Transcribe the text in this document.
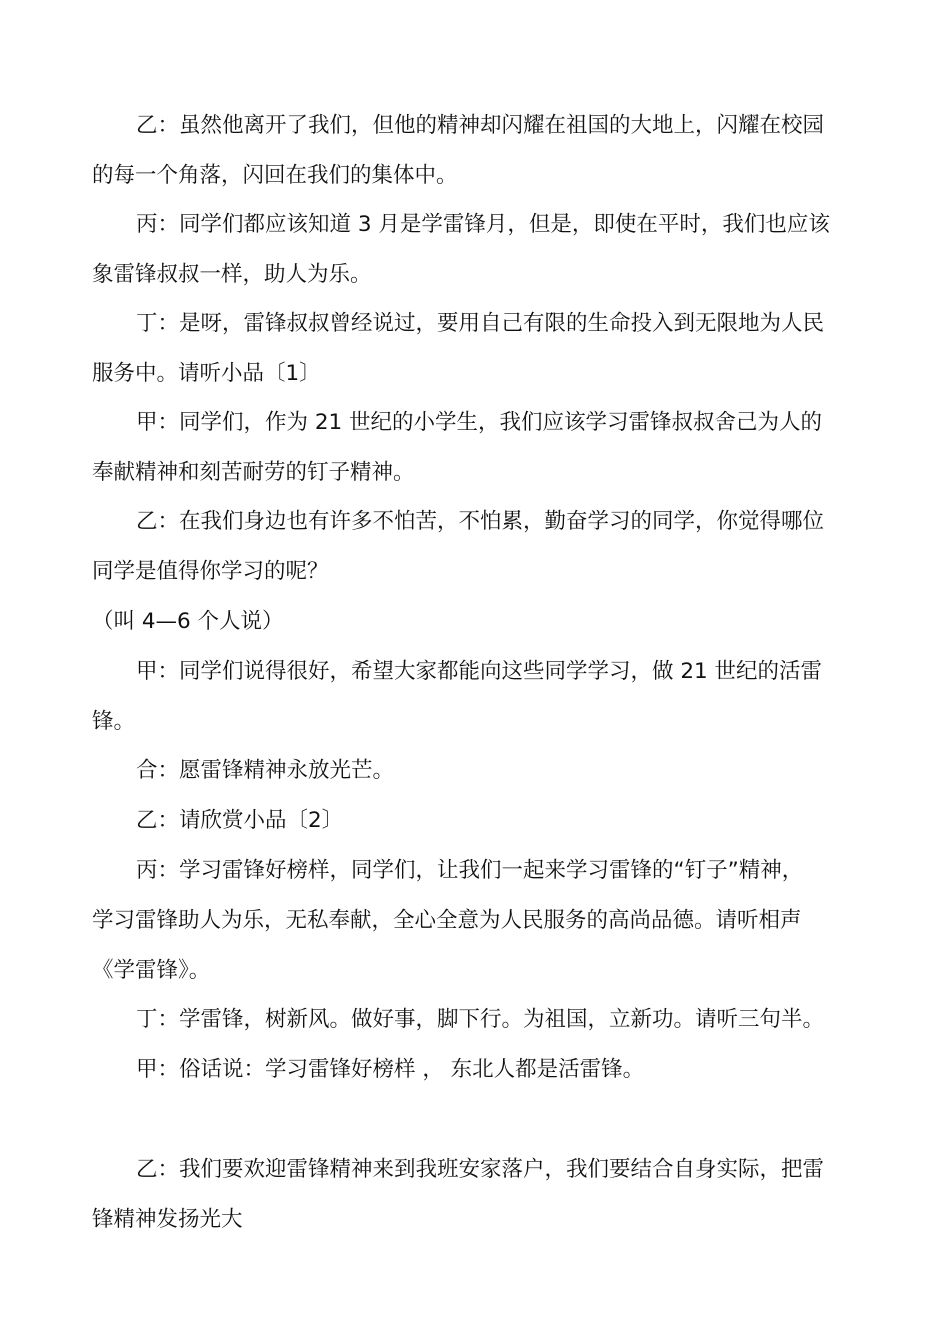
乙：虽然他离开了我们，但他的精神却闪耀在祖国的大地上，闪耀在校园
的每一个角落，闪回在我们的集体中。

丙：同学们都应该知道 3 月是学雷锋月，但是，即使在平时，我们也应该
象雷锋叔叔一样，助人为乐。

丁：是呀，雷锋叔叔曾经说过，要用自己有限的生命投入到无限地为人民
服务中。请听小品〔1〕

甲：同学们，作为 21 世纪的小学生，我们应该学习雷锋叔叔舍己为人的
奉献精神和刻苦耐劳的钉子精神。

乙：在我们身边也有许多不怕苦，不怕累，勤奋学习的同学，你觉得哪位
同学是值得你学习的呢？

（叫 4—6 个人说）

甲：同学们说得很好，希望大家都能向这些同学学习，做 21 世纪的活雷
锋。

合：愿雷锋精神永放光芒。

乙：请欣赏小品〔2〕

丙：学习雷锋好榜样，同学们，让我们一起来学习雷锋的“钉子”精神，
学习雷锋助人为乐，无私奉献，全心全意为人民服务的高尚品德。请听相声
《学雷锋》。

丁：学雷锋，树新风。做好事，脚下行。为祖国，立新功。请听三句半。

甲：俗话说：学习雷锋好榜样 ， 东北人都是活雷锋。

乙：我们要欢迎雷锋精神来到我班安家落户，我们要结合自身实际，把雷
锋精神发扬光大
